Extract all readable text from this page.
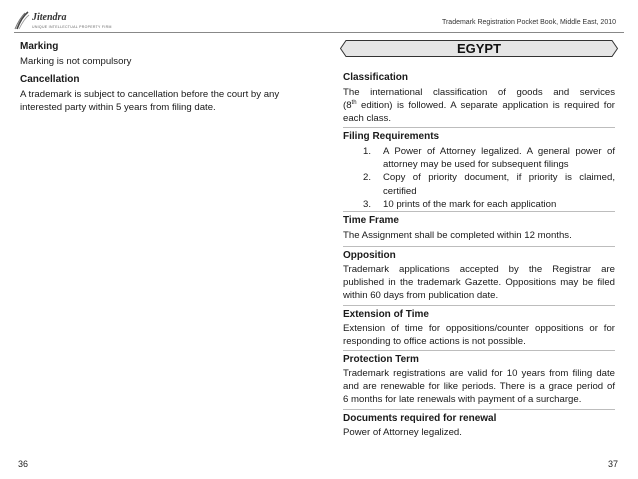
Jitendra
UNIQUE INTELLECTUAL PROPERTY FIRM
Trademark Registration Pocket Book, Middle East, 2010
Marking
Marking is not compulsory
Cancellation
A trademark is subject to cancellation before the court by any
interested party within 5 years from filing date.
EGYPT
Classification
The international classification of goods and services
(8th edition) is followed. A separate application is required for
each class.
Filing Requirements
1. A Power of Attorney legalized. A general power of
attorney may be used for subsequent filings
2. Copy of priority document, if priority is claimed,
certified
3. 10 prints of the mark for each application
Time Frame
The Assignment shall be completed within 12 months.
Opposition
Trademark applications accepted by the Registrar are
published in the trademark Gazette. Oppositions may be filed
within 60 days from publication date.
Extension of Time
Extension of time for oppositions/counter oppositions or for
responding to office actions is not possible.
Protection Term
Trademark registrations are valid for 10 years from filing date
and are renewable for like periods. There is a grace period of
6 months for late renewals with payment of a surcharge.
Documents required for renewal
Power of Attorney legalized.
36	37
